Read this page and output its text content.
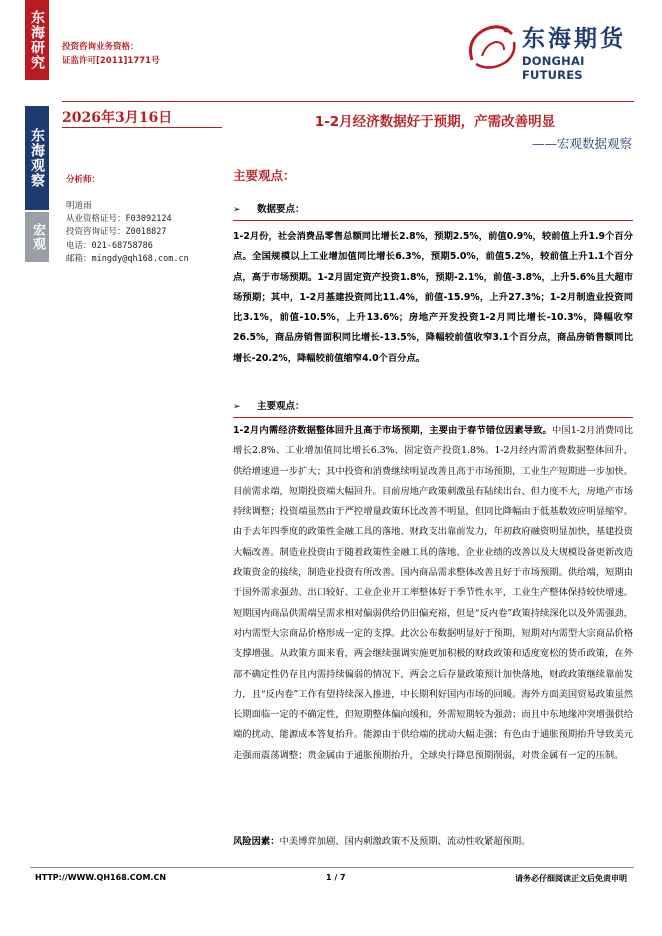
东海研究
东海观察
宏观
投资咨询业务资格：
证监许可[2011]1771号
东海期货
DONGHAI FUTURES
2026年3月16日	1-2月经济数据好于预期，产需改善明显
——宏观数据观察
分析师：
明道雨
从业资格证号：F03092124
投资咨询证号：Z0018827
电话：021-68758786
邮箱：mingdy@qh168.com.cn
主要观点：
➢ 数据要点：
1-2月份，社会消费品零售总额同比增长2.8%，预期2.5%，前值0.9%，较前值上升1.9个百分点。全国规模以上工业增加值同比增长6.3%，预期5.0%，前值5.2%，较前值上升1.1个百分点，高于市场预期。1-2月固定资产投资1.8%，预期-2.1%，前值-3.8%，上升5.6%且大超市场预期；其中，1-2月基建投资同比11.4%，前值-15.9%，上升27.3%；1-2月制造业投资同比3.1%，前值-10.5%，上升13.6%；房地产开发投资1-2月同比增长-10.3%，降幅收窄26.5%，商品房销售面积同比增长-13.5%，降幅较前值收窄3.1个百分点，商品房销售额同比增长-20.2%，降幅较前值缩窄4.0个百分点。
➢ 主要观点：
1-2月内需经济数据整体回升且高于市场预期，主要由于春节错位因素导致。中国1-2月消费同比增长2.8%、工业增加值同比增长6.3%、固定资产投资1.8%。1-2月经内需消费数据整体回升，供给增速进一步扩大；其中投资和消费继续明显改善且高于市场预期，工业生产短期进一步加快。目前需求端，短期投资端大幅回升。目前房地产政策刺激虽有陆续出台、但力度不大，房地产市场持续调整；投资端虽然由于严控增量政策环比改善不明显，但同比降幅由于低基数效应明显缩窄。由于去年四季度的政策性金融工具的落地、财政支出靠前发力，年初政府融资明显加快，基建投资大幅改善。制造业投资由于随着政策性金融工具的落地、企业业绩的改善以及大规模设备更新改造政策资金的接续，制造业投资有所改善。国内商品需求整体改善且好于市场预期。供给端，短期由于国外需求强劲、出口较好、工业企业开工率整体好于季节性水平，工业生产整体保持较快增速。短期国内商品供需端呈需求相对偏弱供给仍旧偏充裕，但是“反内卷”政策持续深化以及外需强劲，对内需型大宗商品价格形成一定的支撑。此次公布数据明显好于预期，短期对内需型大宗商品价格支撑增强。从政策方面来看，两会继续强调实施更加积极的财政政策和适度宽松的货币政策，在外部不确定性仍存且内需持续偏弱的情况下，两会之后存量政策预计加快落地，财政政策继续靠前发力，且“反内卷”工作有望持续深入推进，中长期利好国内市场的回暖。海外方面美国贸易政策虽然长期面临一定的不确定性，但短期整体偏向缓和，外需短期较为强劲；而且中东地缘冲突增强供给端的扰动、能源成本答复抬升。能源由于供给端的扰动大幅走强；有色由于通胀预期抬升导致美元走强而震荡调整；贵金属由于通胀预期抬升，全球央行降息预期削弱，对贵金属有一定的压制。
风险因素：中美博弈加剧、国内刺激政策不及预期、流动性收紧超预期。
HTTP://WWW.QH168.COM.CN	1 / 7	请务必仔细阅读正文后免责申明
